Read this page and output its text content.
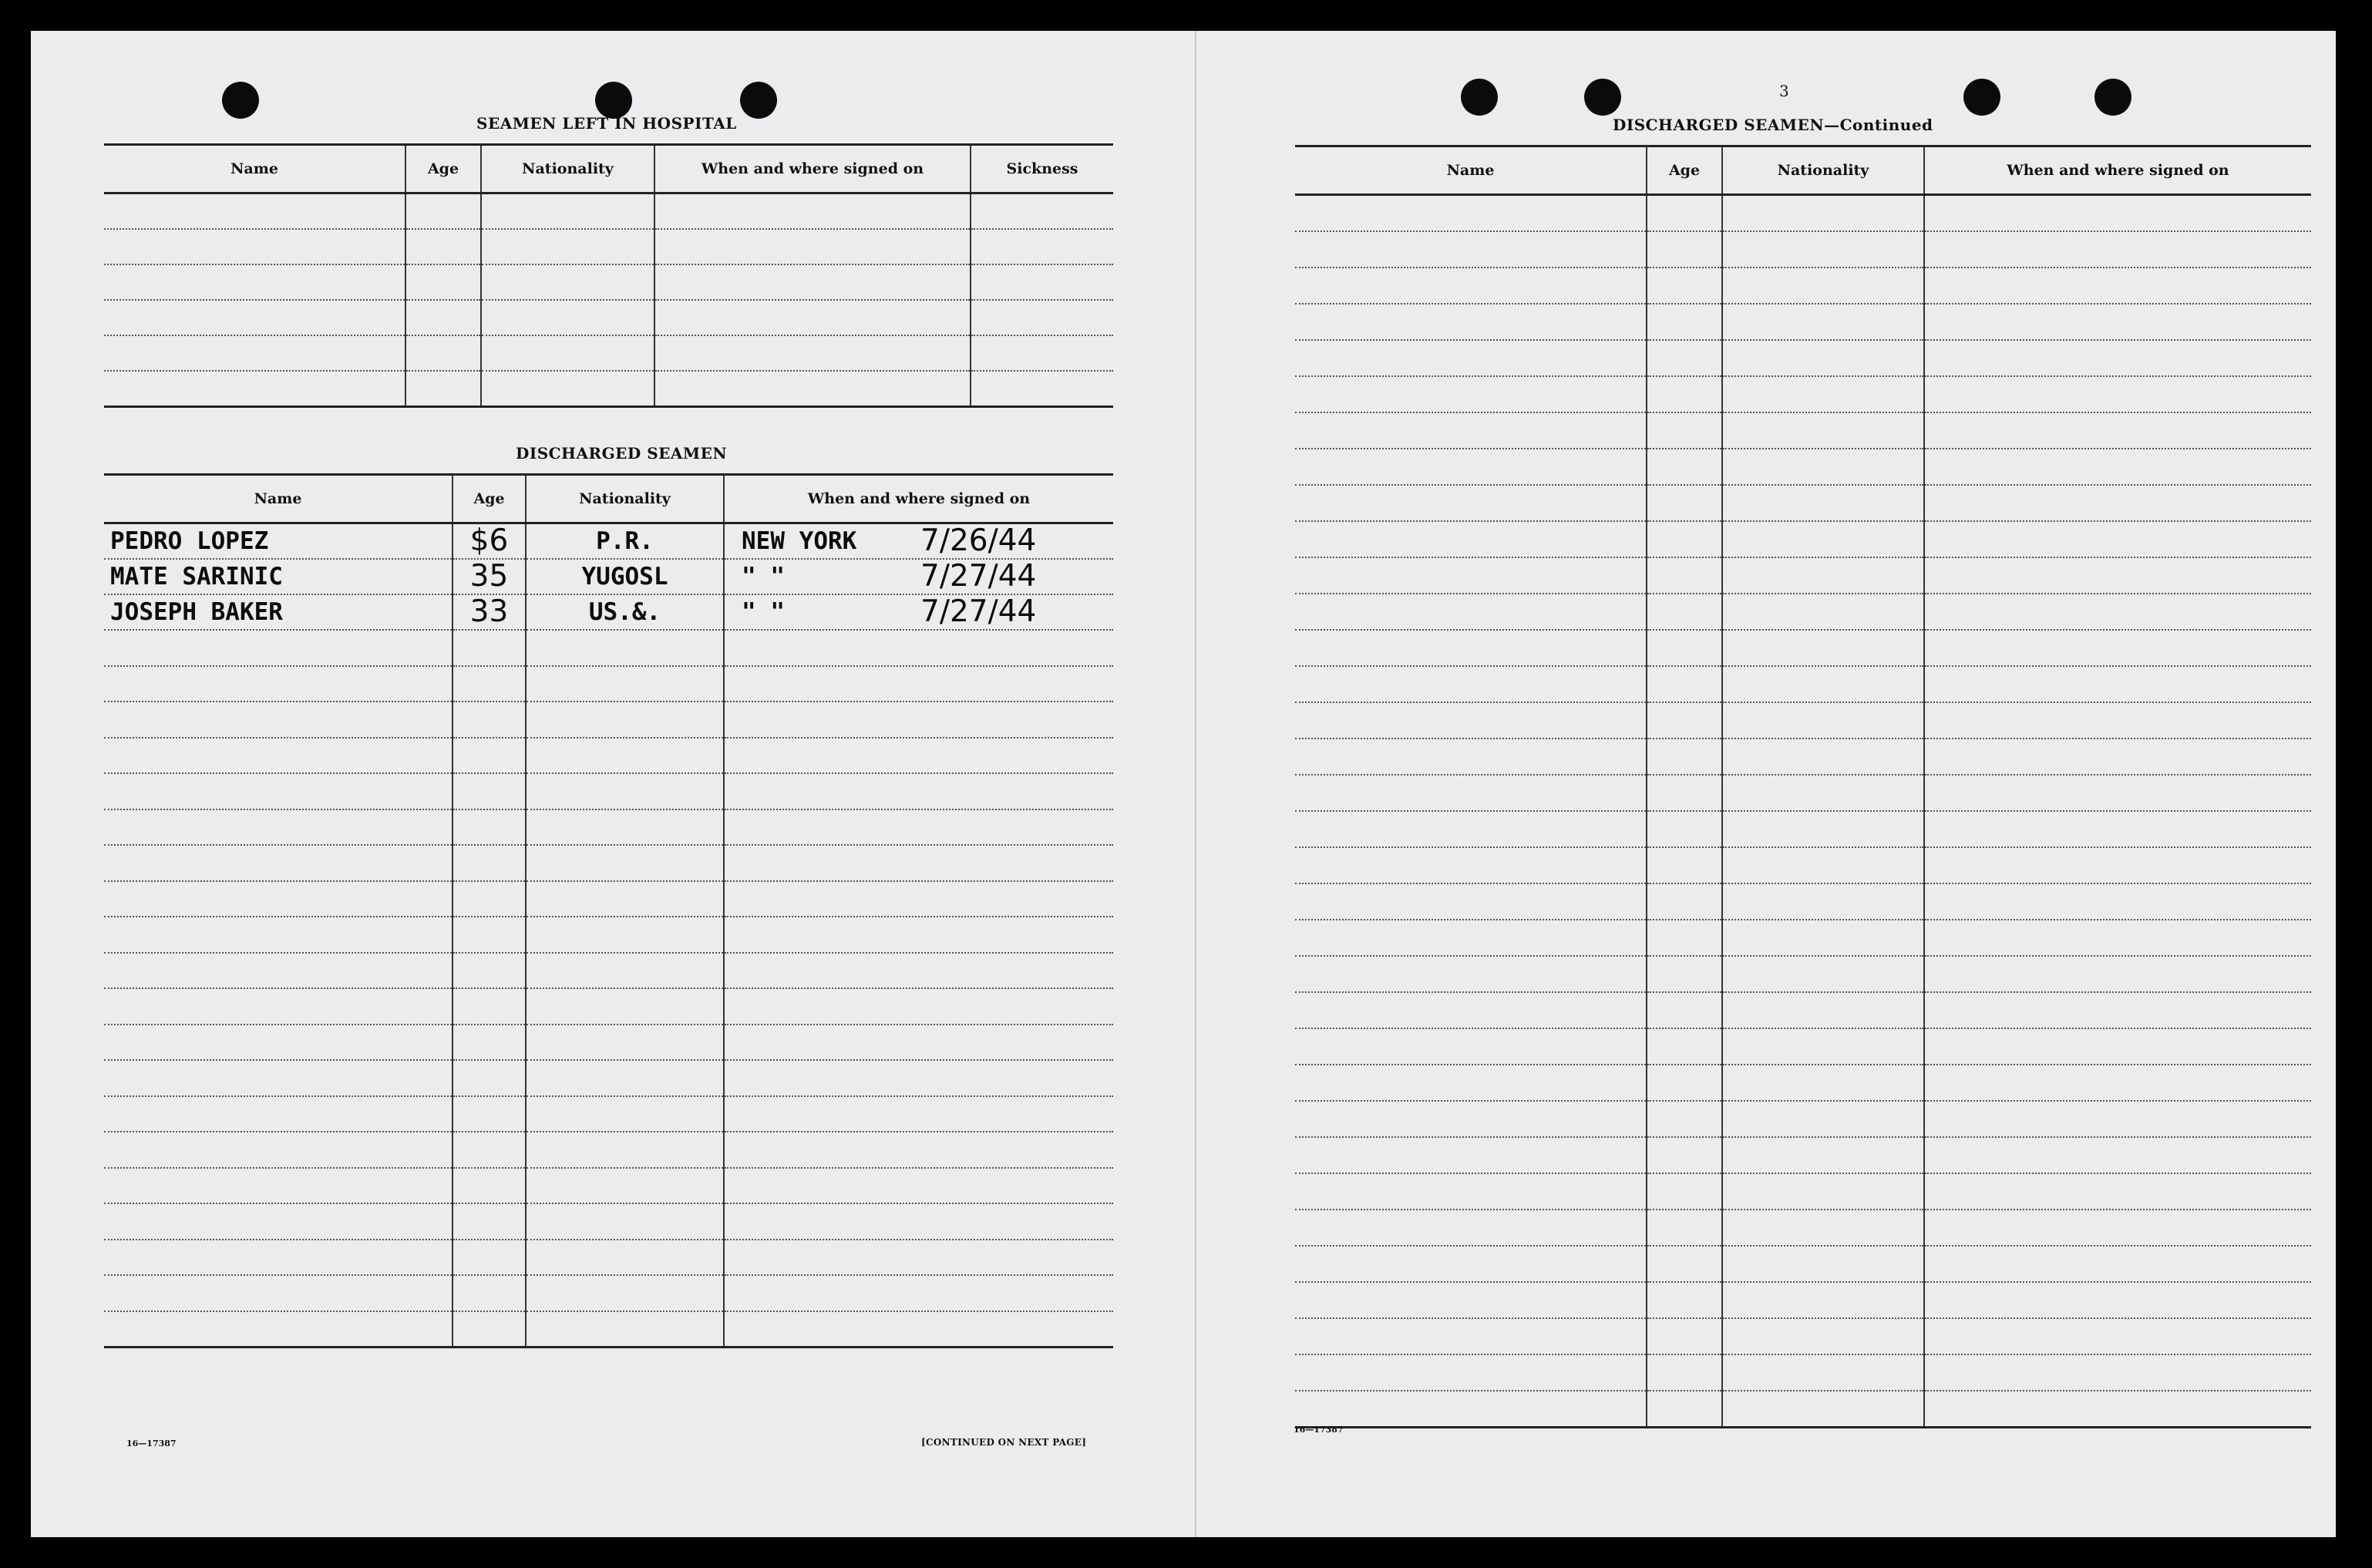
SEAMEN LEFT IN HOSPITAL
Name	Age	Nationality	When and where signed on	Sickness

DISCHARGED SEAMEN
Name	Age	Nationality	When and where signed on

PEDRO LOPEZ	$6	P.R.	NEW YORK 7/26/44

MATE SARINIC	35	YUGOSL	" " 7/27/44

JOSEPH BAKER	33	US.&.	" " 7/27/44

16—17387	[CONTINUED ON NEXT PAGE]
3
DISCHARGED SEAMEN—Continued
Name	Age	Nationality	When and where signed on

16—17387
